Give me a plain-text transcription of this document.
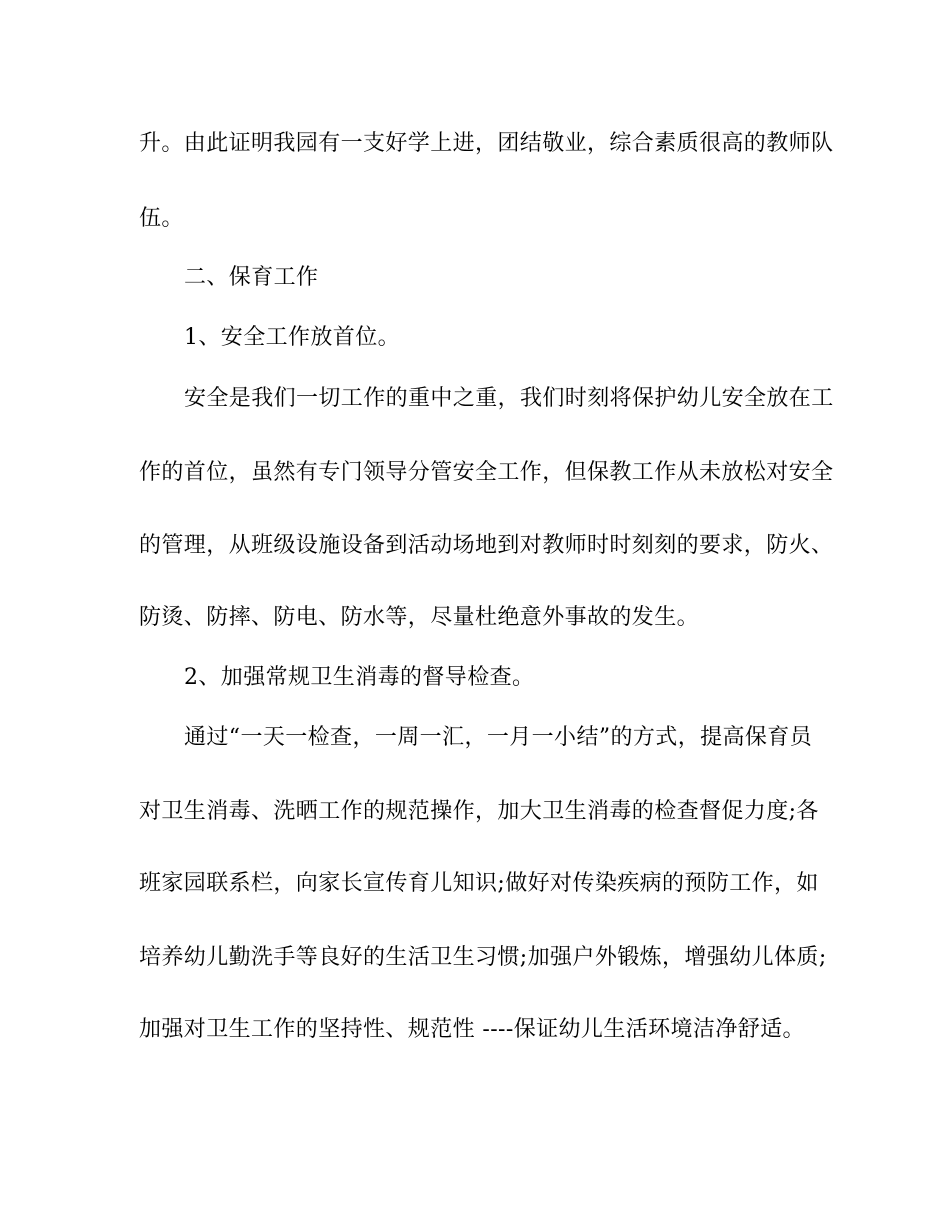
升。由此证明我园有一支好学上进，团结敬业，综合素质很高的教师队
伍。
二、保育工作
1、安全工作放首位。
安全是我们一切工作的重中之重，我们时刻将保护幼儿安全放在工
作的首位，虽然有专门领导分管安全工作，但保教工作从未放松对安全
的管理，从班级设施设备到活动场地到对教师时时刻刻的要求，防火、
防烫、防摔、防电、防水等，尽量杜绝意外事故的发生。
2、加强常规卫生消毒的督导检查。
通过“一天一检查，一周一汇，一月一小结”的方式，提高保育员
对卫生消毒、洗晒工作的规范操作，加大卫生消毒的检查督促力度;各
班家园联系栏，向家长宣传育儿知识;做好对传染疾病的预防工作，如
培养幼儿勤洗手等良好的生活卫生习惯;加强户外锻炼，增强幼儿体质;
加强对卫生工作的坚持性、规范性 ----保证幼儿生活环境洁净舒适。
